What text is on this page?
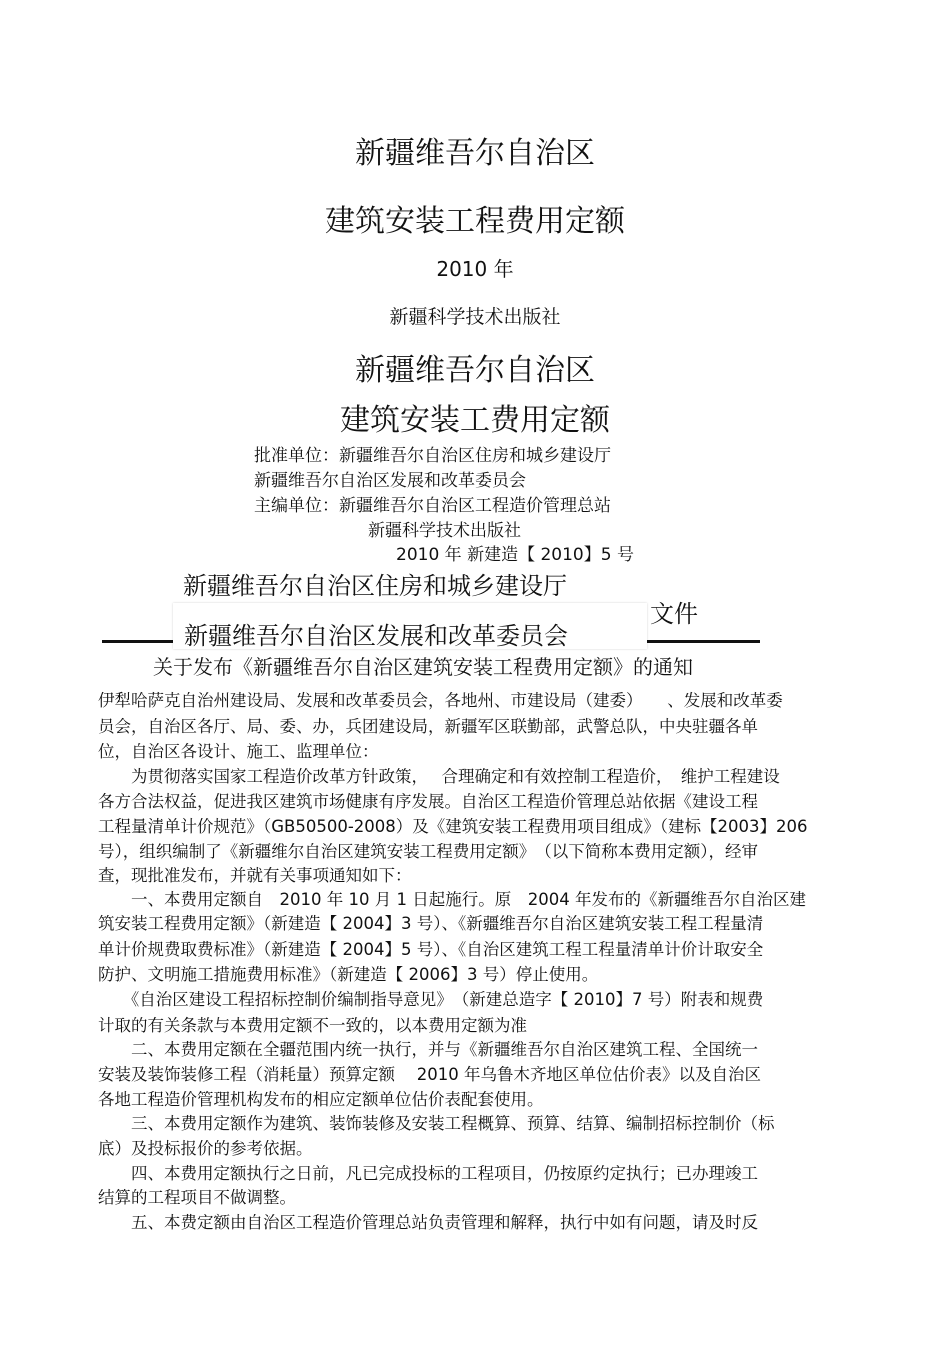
新疆维吾尔自治区
建筑安装工程费用定额
2010 年
新疆科学技术出版社
新疆维吾尔自治区
建筑安装工费用定额
批准单位：新疆维吾尔自治区住房和城乡建设厅
新疆维吾尔自治区发展和改革委员会
主编单位：新疆维吾尔自治区工程造价管理总站
新疆科学技术出版社
2010 年 新建造【 2010】5 号
新疆维吾尔自治区住房和城乡建设厅
文件
新疆维吾尔自治区发展和改革委员会
关于发布《新疆维吾尔自治区建筑安装工程费用定额》的通知
伊犁哈萨克自治州建设局、发展和改革委员会，各地州、市建设局（建委）　　、发展和改革委
员会，自治区各厅、局、委、办，兵团建设局，新疆军区联勤部，武警总队，中央驻疆各单
位，自治区各设计、施工、监理单位：
　　为贯彻落实国家工程造价改革方针政策，　 合理确定和有效控制工程造价，　维护工程建设
各方合法权益，促进我区建筑市场健康有序发展。自治区工程造价管理总站依据《建设工程
工程量清单计价规范》（GB50500-2008）及《建筑安装工程费用项目组成》（建标【2003】206
号），组织编制了《新疆维尔自治区建筑安装工程费用定额》　（以下简称本费用定额），经审
查，现批准发布，并就有关事项通知如下：
　　一、本费用定额自　2010 年 10 月 1 日起施行。原　2004 年发布的《新疆维吾尔自治区建
筑安装工程费用定额》（新建造【 2004】3 号）、《新疆维吾尔自治区建筑安装工程工程量清
单计价规费取费标准》（新建造【 2004】5 号）、《自治区建筑工程工程量清单计价计取安全
防护、文明施工措施费用标准》（新建造【 2006】3 号）停止使用。
　　《自治区建设工程招标控制价编制指导意见》　（新建总造字【 2010】7 号）附表和规费
计取的有关条款与本费用定额不一致的，以本费用定额为准
　　二、本费用定额在全疆范围内统一执行，并与《新疆维吾尔自治区建筑工程、全国统一
安装及装饰装修工程（消耗量）预算定额　 2010 年乌鲁木齐地区单位估价表》以及自治区
各地工程造价管理机构发布的相应定额单位估价表配套使用。
　　三、本费用定额作为建筑、装饰装修及安装工程概算、预算、结算、编制招标控制价（标
底）及投标报价的参考依据。
　　四、本费用定额执行之日前，凡已完成投标的工程项目，仍按原约定执行；已办理竣工
结算的工程项目不做调整。
　　五、本费定额由自治区工程造价管理总站负责管理和解释，执行中如有问题，请及时反
